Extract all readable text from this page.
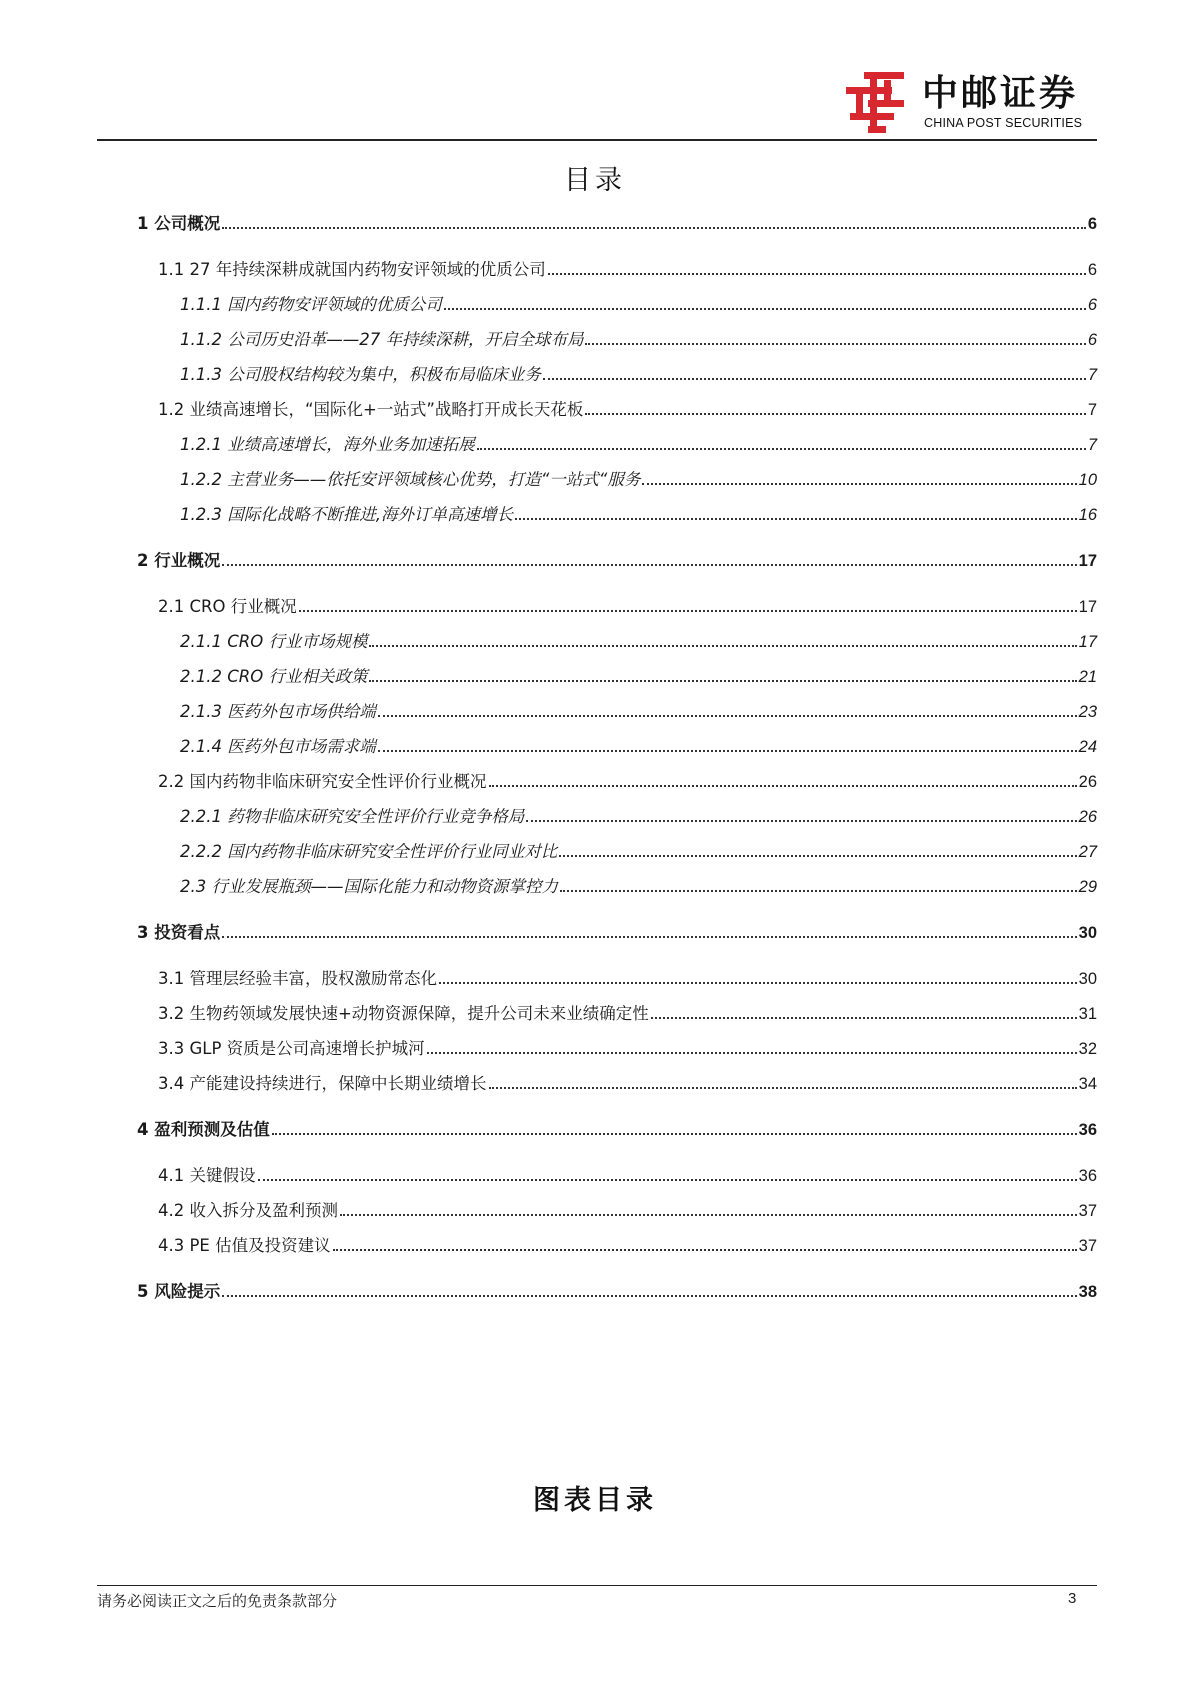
中邮证券
CHINA POST SECURITIES
目录
1 公司概况	6
1.1 27 年持续深耕成就国内药物安评领域的优质公司	6
1.1.1 国内药物安评领域的优质公司	6
1.1.2 公司历史沿革——27 年持续深耕，开启全球布局	6
1.1.3 公司股权结构较为集中，积极布局临床业务	7
1.2 业绩高速增长，“国际化+一站式”战略打开成长天花板	7
1.2.1 业绩高速增长，海外业务加速拓展	7
1.2.2 主营业务——依托安评领域核心优势，打造“一站式“服务	10
1.2.3 国际化战略不断推进,海外订单高速增长	16
2 行业概况	17
2.1 CRO 行业概况	17
2.1.1 CRO 行业市场规模	17
2.1.2 CRO 行业相关政策	21
2.1.3 医药外包市场供给端	23
2.1.4 医药外包市场需求端	24
2.2 国内药物非临床研究安全性评价行业概况	26
2.2.1 药物非临床研究安全性评价行业竞争格局	26
2.2.2 国内药物非临床研究安全性评价行业同业对比	27
2.3 行业发展瓶颈——国际化能力和动物资源掌控力	29
3 投资看点	30
3.1 管理层经验丰富，股权激励常态化	30
3.2 生物药领域发展快速+动物资源保障，提升公司未来业绩确定性	31
3.3 GLP 资质是公司高速增长护城河	32
3.4 产能建设持续进行，保障中长期业绩增长	34
4 盈利预测及估值	36
4.1 关键假设	36
4.2 收入拆分及盈利预测	37
4.3 PE 估值及投资建议	37
5 风险提示	38
图表目录
请务必阅读正文之后的免责条款部分	3
